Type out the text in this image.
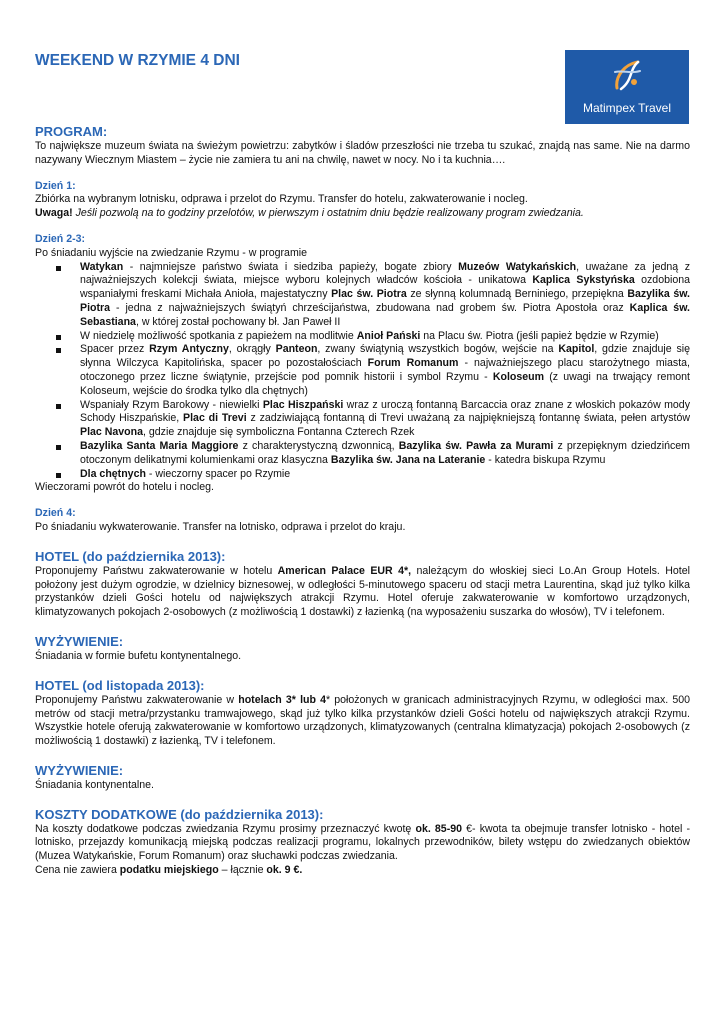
WEEKEND W RZYMIE 4 DNI
Matimpex Travel
PROGRAM:

To największe muzeum świata na świeżym powietrzu: zabytków i śladów przeszłości nie trzeba tu szukać, znajdą nas same. Nie na darmo nazywany Wiecznym Miastem – życie nie zamiera tu ani na chwilę, nawet w nocy. No i ta kuchnia….

Dzień 1:

Zbiórka na wybranym lotnisku, odprawa i przelot do Rzymu. Transfer do hotelu, zakwaterowanie i nocleg.

Uwaga! Jeśli pozwolą na to godziny przelotów, w pierwszym i ostatnim dniu będzie realizowany program zwiedzania.

Dzień 2-3:

Po śniadaniu wyjście na zwiedzanie Rzymu - w programie

Watykan - najmniejsze państwo świata i siedziba papieży, bogate zbiory Muzeów Watykańskich, uważane za jedną z najważniejszych kolekcji świata, miejsce wyboru kolejnych władców kościoła - unikatowa Kaplica Sykstyńska ozdobiona wspaniałymi freskami Michała Anioła, majestatyczny Plac św. Piotra ze słynną kolumnadą Berniniego, przepiękna Bazylika św. Piotra - jedna z najważniejszych świątyń chrześcijaństwa, zbudowana nad grobem św. Piotra Apostoła oraz Kaplica św. Sebastiana, w której został pochowany bł. Jan Paweł II
W niedzielę możliwość spotkania z papieżem na modlitwie Anioł Pański na Placu św. Piotra (jeśli papież będzie w Rzymie)
Spacer przez Rzym Antyczny, okrągły Panteon, zwany świątynią wszystkich bogów, wejście na Kapitol, gdzie znajduje się słynna Wilczyca Kapitolińska, spacer po pozostałościach Forum Romanum - najważniejszego placu starożytnego miasta, otoczonego przez liczne świątynie, przejście pod pomnik historii i symbol Rzymu - Koloseum (z uwagi na trwający remont Koloseum, wejście do środka tylko dla chętnych)
Wspaniały Rzym Barokowy - niewielki Plac Hiszpański wraz z uroczą fontanną Barcaccia oraz znane z włoskich pokazów mody Schody Hiszpańskie, Plac di Trevi z zadziwiającą fontanną di Trevi uważaną za najpiękniejszą fontannę świata, pełen artystów Plac Navona, gdzie znajduje się symboliczna Fontanna Czterech Rzek
Bazylika Santa Maria Maggiore z charakterystyczną dzwonnicą, Bazylika św. Pawła za Murami z przepięknym dziedzińcem otoczonym delikatnymi kolumienkami oraz klasyczna Bazylika św. Jana na Lateranie - katedra biskupa Rzymu
Dla chętnych - wieczorny spacer po Rzymie

Wieczorami powrót do hotelu i nocleg.

Dzień 4:

Po śniadaniu wykwaterowanie. Transfer na lotnisko, odprawa i przelot do kraju.

HOTEL (do października 2013):

Proponujemy Państwu zakwaterowanie w hotelu American Palace EUR 4*, należącym do włoskiej sieci Lo.An Group Hotels. Hotel położony jest dużym ogrodzie, w dzielnicy biznesowej, w odległości 5-minutowego spaceru od stacji metra Laurentina, skąd już tylko kilka przystanków dzieli Gości hotelu od największych atrakcji Rzymu. Hotel oferuje zakwaterowanie w komfortowo urządzonych, klimatyzowanych pokojach 2-osobowych (z możliwością 1 dostawki) z łazienką (na wyposażeniu suszarka do włosów), TV i telefonem.

WYŻYWIENIE:

Śniadania w formie bufetu kontynentalnego.

HOTEL (od listopada 2013):

Proponujemy Państwu zakwaterowanie w hotelach 3* lub 4* położonych w granicach administracyjnych Rzymu, w odległości max. 500 metrów od stacji metra/przystanku tramwajowego, skąd już tylko kilka przystanków dzieli Gości hotelu od największych atrakcji Rzymu. Wszystkie hotele oferują zakwaterowanie w komfortowo urządzonych, klimatyzowanych (centralna klimatyzacja) pokojach 2-osobowych (z możliwością 1 dostawki) z łazienką, TV i telefonem.

WYŻYWIENIE:

Śniadania kontynentalne.

KOSZTY DODATKOWE (do października 2013):

Na koszty dodatkowe podczas zwiedzania Rzymu prosimy przeznaczyć kwotę ok. 85-90 €- kwota ta obejmuje transfer lotnisko - hotel - lotnisko, przejazdy komunikacją miejską podczas realizacji programu, lokalnych przewodników, bilety wstępu do zwiedzanych obiektów (Muzea Watykańskie, Forum Romanum) oraz słuchawki podczas zwiedzania.

Cena nie zawiera podatku miejskiego – łącznie ok. 9 €.
